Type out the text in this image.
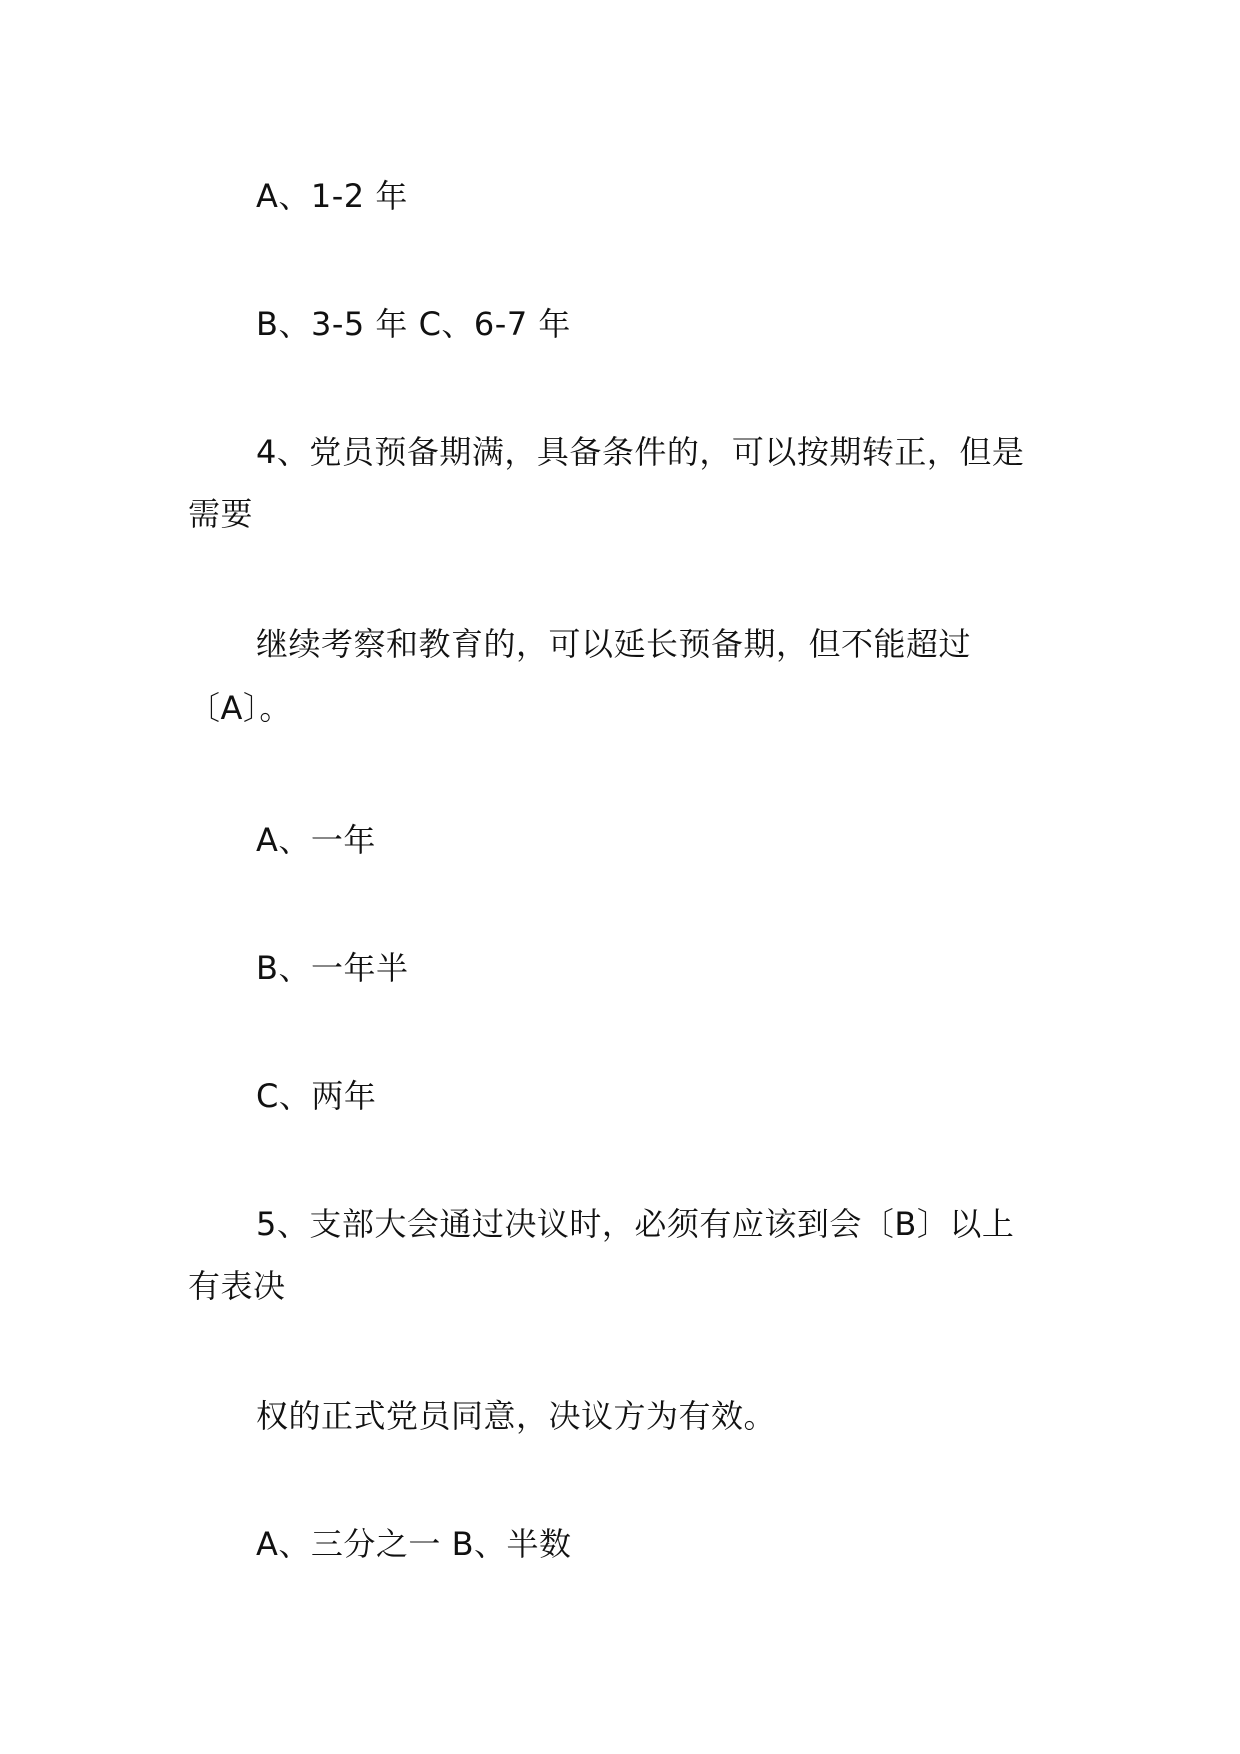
A、1-2 年
B、3-5 年 C、6-7 年
4、党员预备期满，具备条件的，可以按期转正，但是
需要
继续考察和教育的，可以延长预备期，但不能超过
〔A〕。
A、一年
B、一年半
C、两年
5、支部大会通过决议时，必须有应该到会〔B〕以上
有表决
权的正式党员同意，决议方为有效。
A、三分之一 B、半数
